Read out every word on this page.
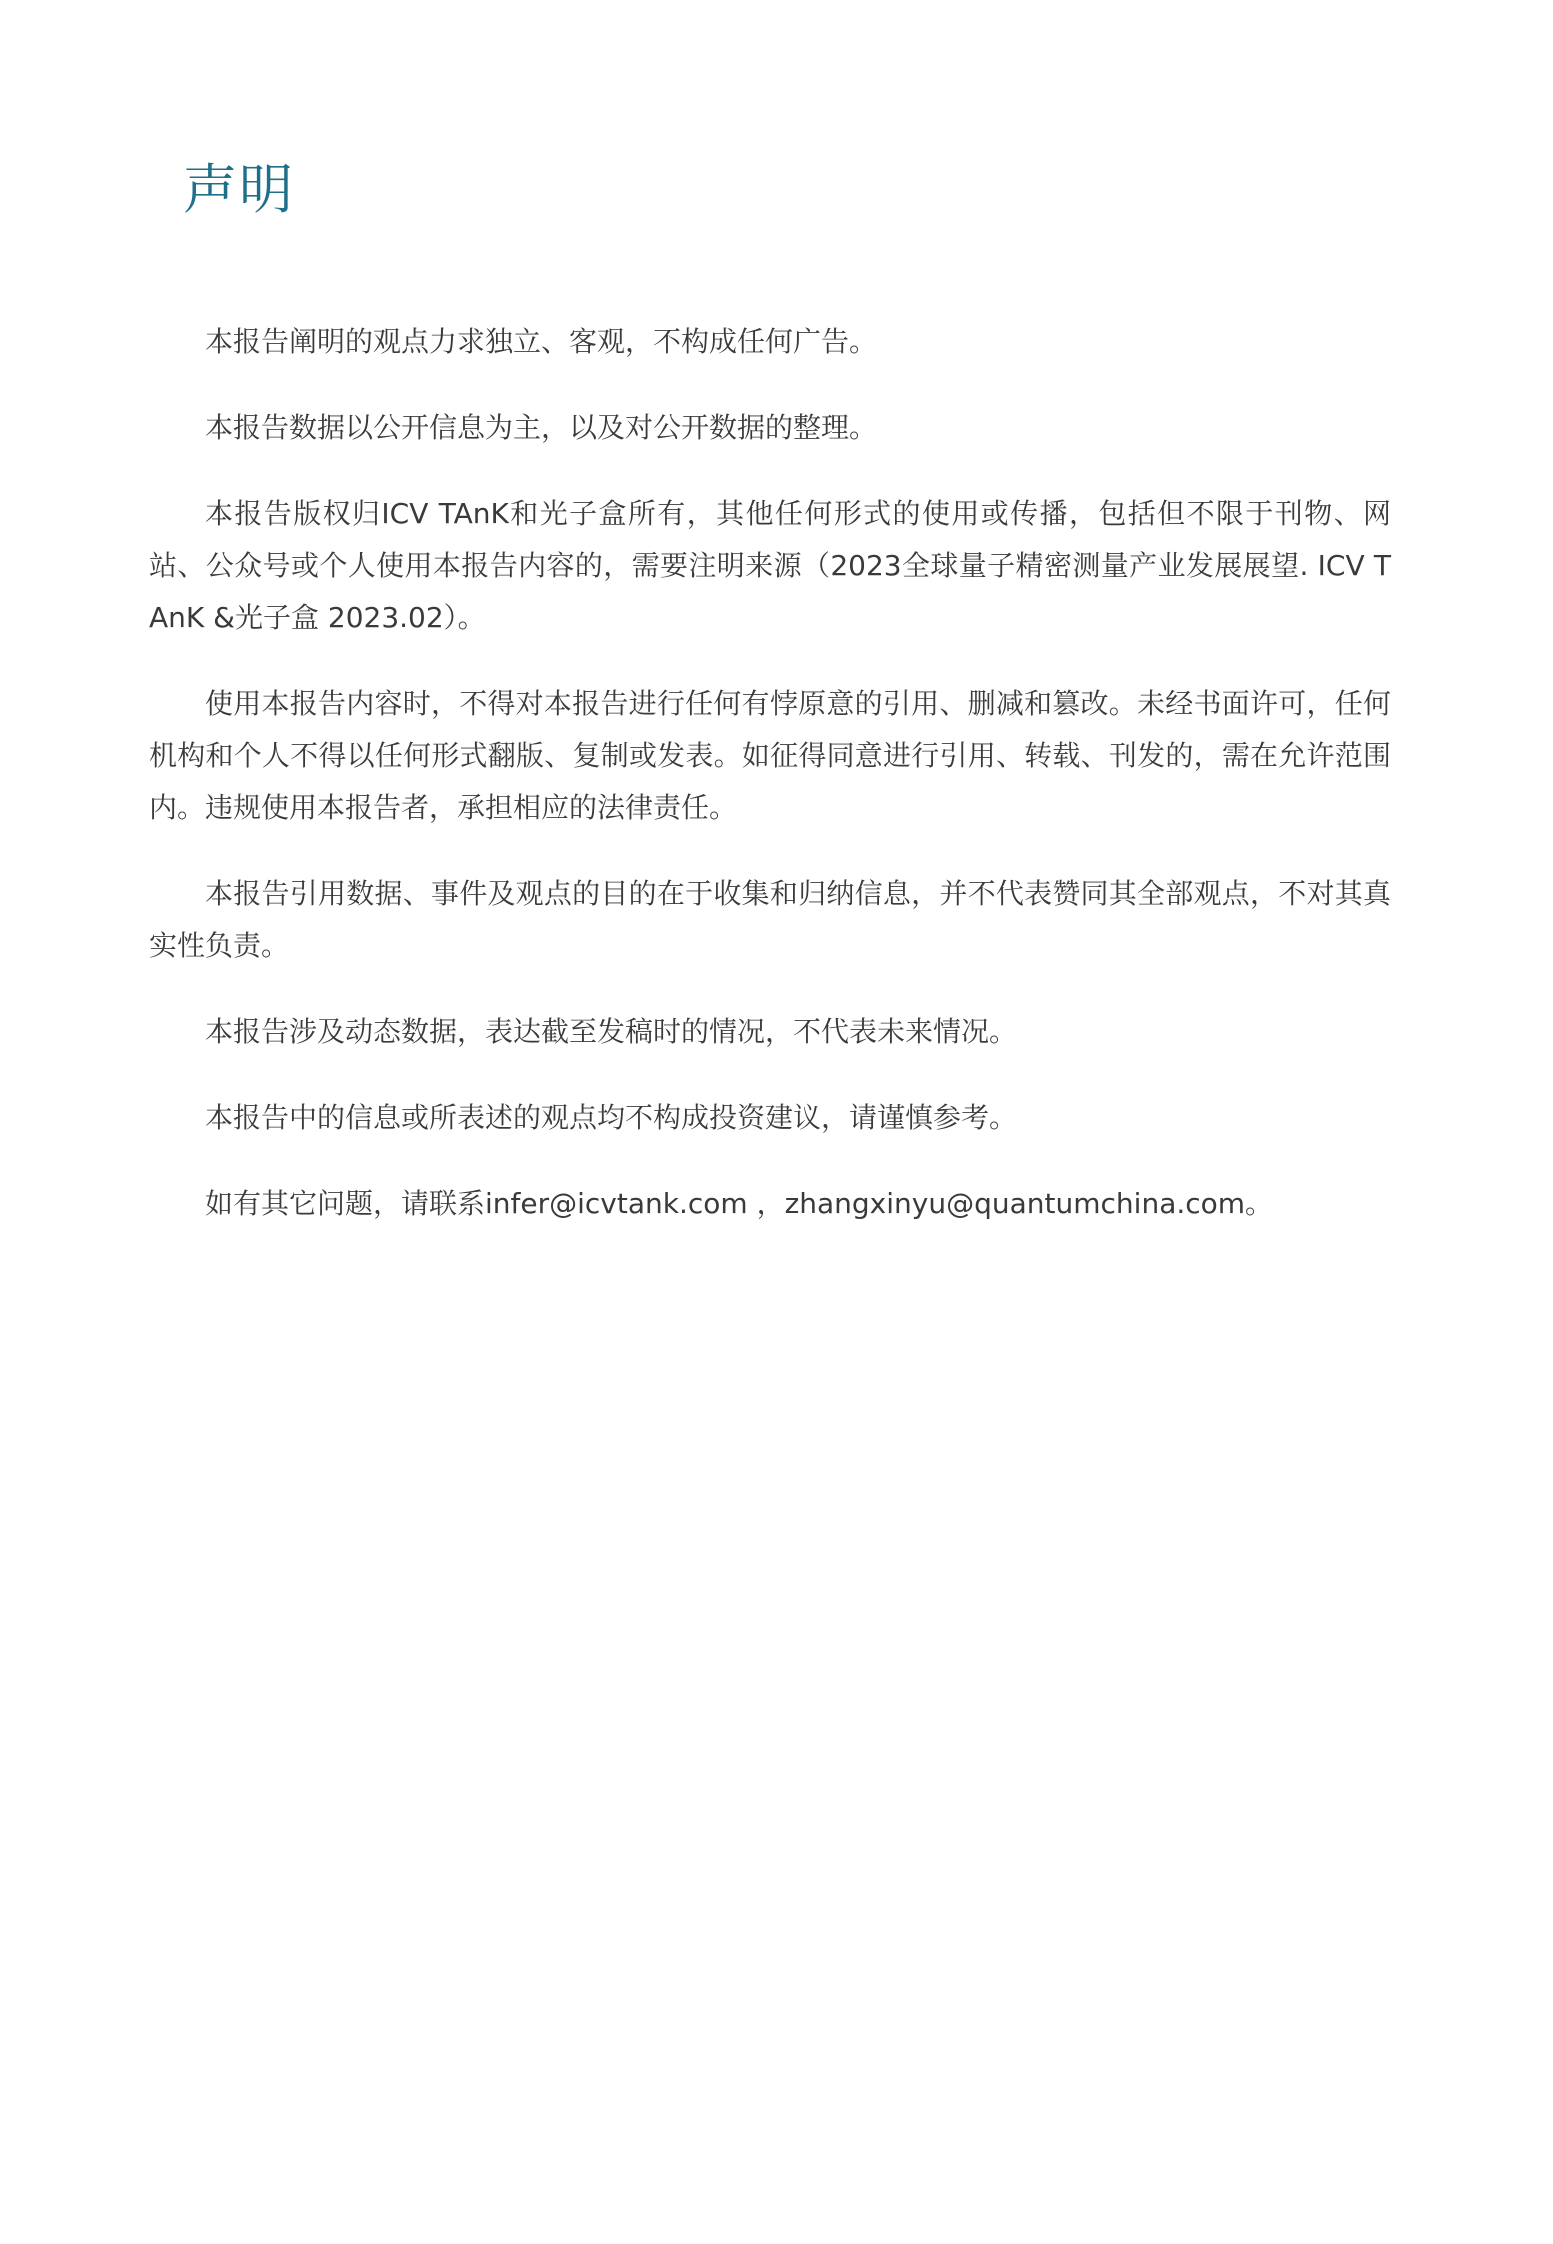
声明

本报告阐明的观点力求独立、客观，不构成任何广告。

本报告数据以公开信息为主，以及对公开数据的整理。

本报告版权归ICV TAnK和光子盒所有，其他任何形式的使用或传播，包括但不限于刊物、网站、公众号或个人使用本报告内容的，需要注明来源（2023全球量子精密测量产业发展展望. ICV TAnK &光子盒 2023.02）。

使用本报告内容时，不得对本报告进行任何有悖原意的引用、删减和篡改。未经书面许可，任何机构和个人不得以任何形式翻版、复制或发表。如征得同意进行引用、转载、刊发的，需在允许范围内。违规使用本报告者，承担相应的法律责任。

本报告引用数据、事件及观点的目的在于收集和归纳信息，并不代表赞同其全部观点，不对其真实性负责。

本报告涉及动态数据，表达截至发稿时的情况，不代表未来情况。

本报告中的信息或所表述的观点均不构成投资建议，请谨慎参考。

如有其它问题，请联系infer@icvtank.com ，zhangxinyu@quantumchina.com。
